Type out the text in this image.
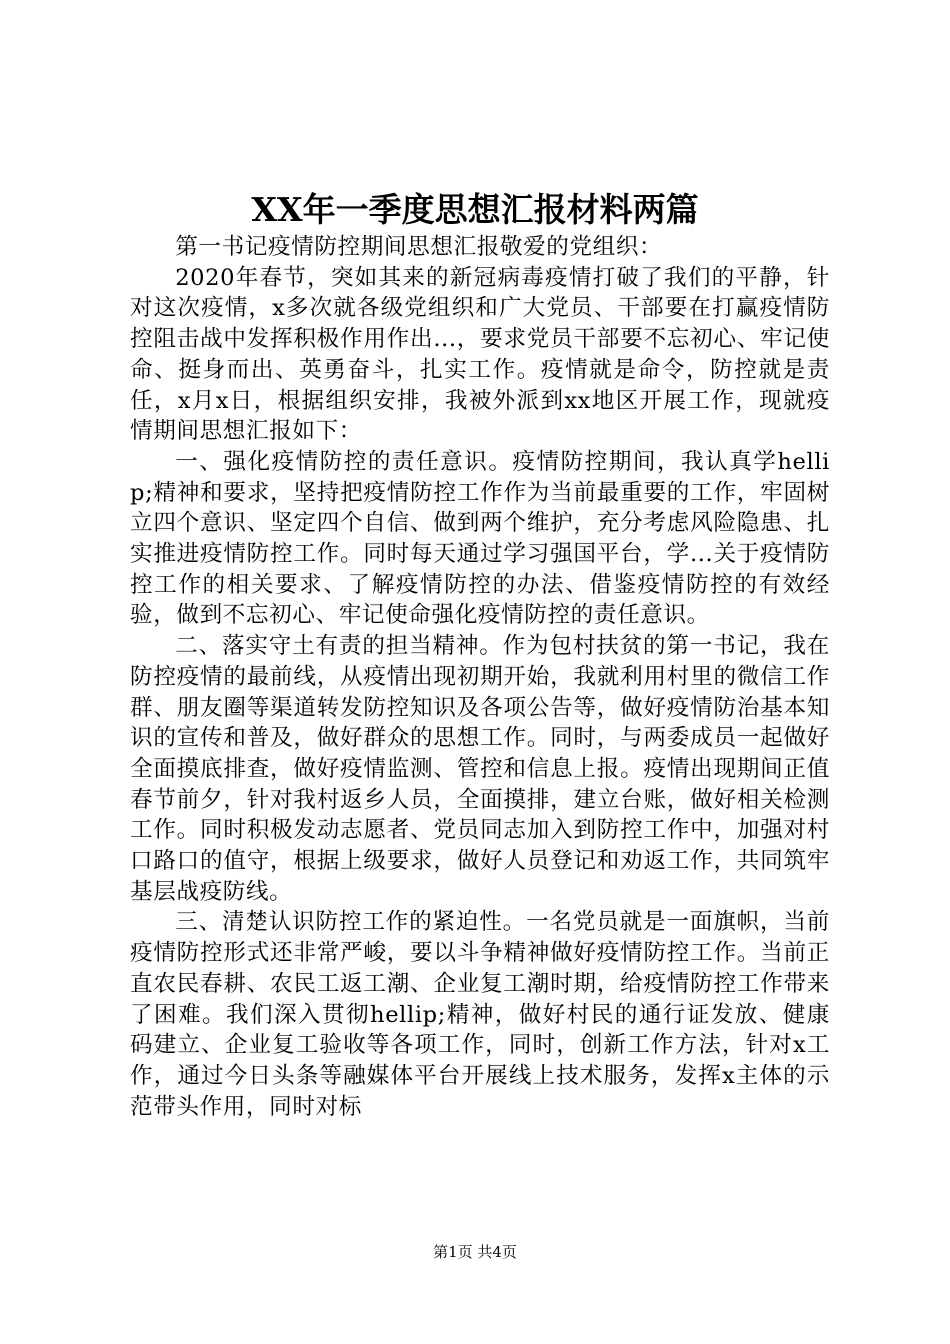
XX年一季度思想汇报材料两篇

第一书记疫情防控期间思想汇报敬爱的党组织：

2020年春节，突如其来的新冠病毒疫情打破了我们的平静，针对这次疫情，x多次就各级党组织和广大党员、干部要在打赢疫情防控阻击战中发挥积极作用作出...，要求党员干部要不忘初心、牢记使命、挺身而出、英勇奋斗，扎实工作。疫情就是命令，防控就是责任，x月x日，根据组织安排，我被外派到xx地区开展工作，现就疫情期间思想汇报如下：

一、强化疫情防控的责任意识。疫情防控期间，我认真学hellip;精神和要求，坚持把疫情防控工作作为当前最重要的工作，牢固树立四个意识、坚定四个自信、做到两个维护，充分考虑风险隐患、扎实推进疫情防控工作。同时每天通过学习强国平台，学...关于疫情防控工作的相关要求、了解疫情防控的办法、借鉴疫情防控的有效经验，做到不忘初心、牢记使命强化疫情防控的责任意识。

二、落实守土有责的担当精神。作为包村扶贫的第一书记，我在防控疫情的最前线，从疫情出现初期开始，我就利用村里的微信工作群、朋友圈等渠道转发防控知识及各项公告等，做好疫情防治基本知识的宣传和普及，做好群众的思想工作。同时，与两委成员一起做好全面摸底排查，做好疫情监测、管控和信息上报。疫情出现期间正值春节前夕，针对我村返乡人员，全面摸排，建立台账，做好相关检测工作。同时积极发动志愿者、党员同志加入到防控工作中，加强对村口路口的值守，根据上级要求，做好人员登记和劝返工作，共同筑牢基层战疫防线。

三、清楚认识防控工作的紧迫性。一名党员就是一面旗帜，当前疫情防控形式还非常严峻，要以斗争精神做好疫情防控工作。当前正直农民春耕、农民工返工潮、企业复工潮时期，给疫情防控工作带来了困难。我们深入贯彻hellip;精神，做好村民的通行证发放、健康码建立、企业复工验收等各项工作，同时，创新工作方法，针对x工作，通过今日头条等融媒体平台开展线上技术服务，发挥x主体的示范带头作用，同时对标

第1页 共4页
